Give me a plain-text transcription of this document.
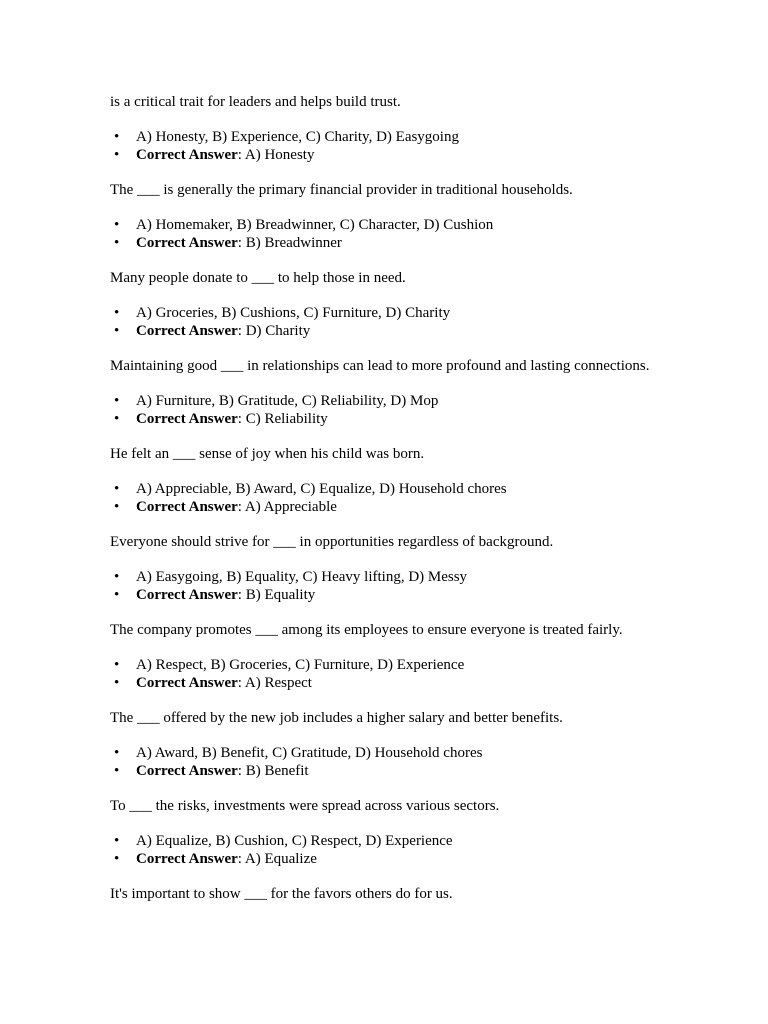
is a critical trait for leaders and helps build trust.

• A) Honesty, B) Experience, C) Charity, D) Easygoing
• Correct Answer: A) Honesty

The ___ is generally the primary financial provider in traditional households.

• A) Homemaker, B) Breadwinner, C) Character, D) Cushion
• Correct Answer: B) Breadwinner

Many people donate to ___ to help those in need.

• A) Groceries, B) Cushions, C) Furniture, D) Charity
• Correct Answer: D) Charity

Maintaining good ___ in relationships can lead to more profound and lasting connections.

• A) Furniture, B) Gratitude, C) Reliability, D) Mop
• Correct Answer: C) Reliability

He felt an ___ sense of joy when his child was born.

• A) Appreciable, B) Award, C) Equalize, D) Household chores
• Correct Answer: A) Appreciable

Everyone should strive for ___ in opportunities regardless of background.

• A) Easygoing, B) Equality, C) Heavy lifting, D) Messy
• Correct Answer: B) Equality

The company promotes ___ among its employees to ensure everyone is treated fairly.

• A) Respect, B) Groceries, C) Furniture, D) Experience
• Correct Answer: A) Respect

The ___ offered by the new job includes a higher salary and better benefits.

• A) Award, B) Benefit, C) Gratitude, D) Household chores
• Correct Answer: B) Benefit

To ___ the risks, investments were spread across various sectors.

• A) Equalize, B) Cushion, C) Respect, D) Experience
• Correct Answer: A) Equalize

It's important to show ___ for the favors others do for us.
